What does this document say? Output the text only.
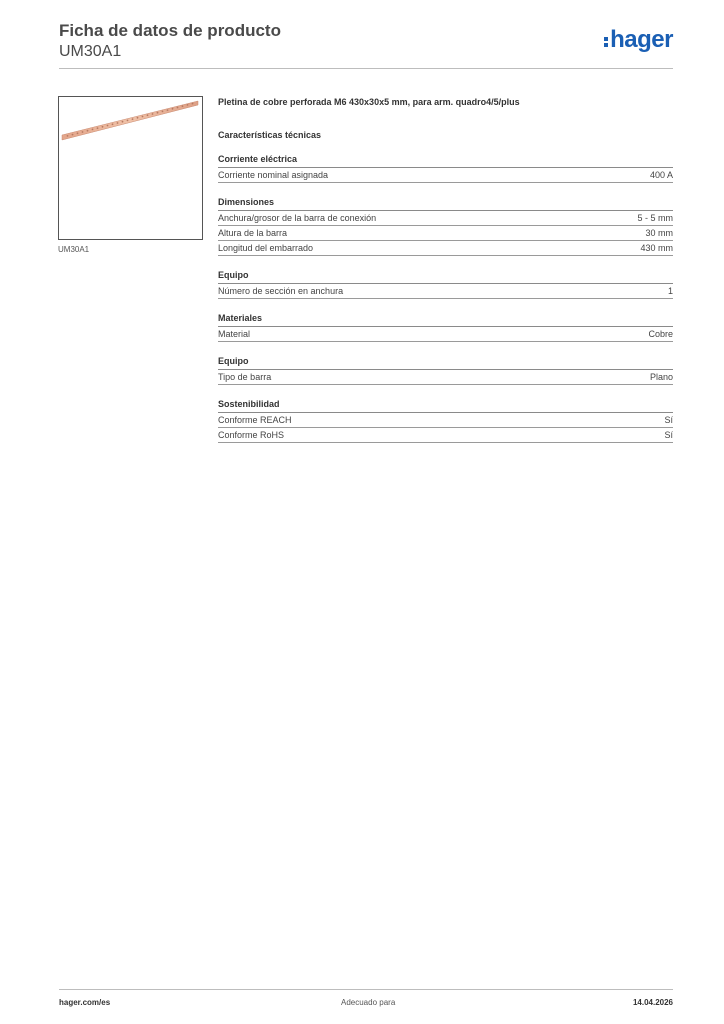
Ficha de datos de producto
UM30A1	hager
UM30A1
Pletina de cobre perforada M6 430x30x5 mm, para arm. quadro4/5/plus
Características técnicas
Corriente eléctrica
Corriente nominal asignada	400 A
Dimensiones
Anchura/grosor de la barra de conexión	5 - 5 mm
Altura de la barra	30 mm
Longitud del embarrado	430 mm
Equipo
Número de sección en anchura	1
Materiales
Material	Cobre
Equipo
Tipo de barra	Plano
Sostenibilidad
Conforme REACH	Sí
Conforme RoHS	Sí
hager.com/es	Adecuado para	14.04.2026
